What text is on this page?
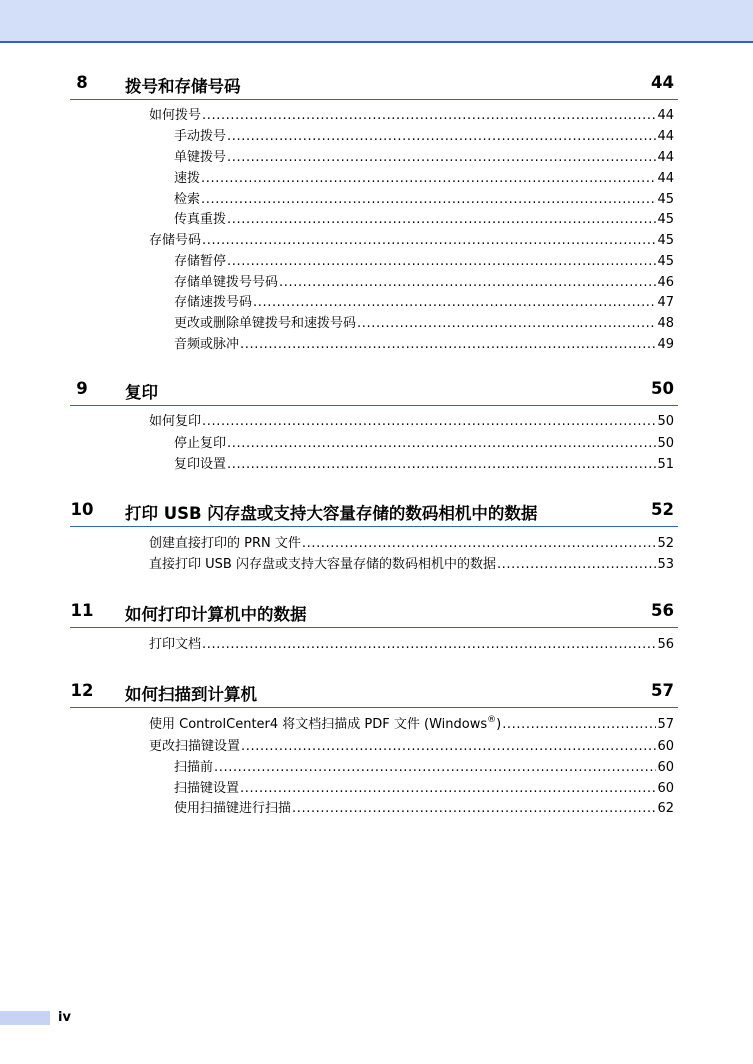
8	拨号和存储号码	44
如何拨号 .....	44
手动拨号 .....	44
单键拨号 .....	44
速拨 .....	44
检索 .....	45
传真重拨 .....	45
存储号码 .....	45
存储暂停 .....	45
存储单键拨号号码 .....	46
存储速拨号码 .....	47
更改或删除单键拨号和速拨号码 .....	48
音频或脉冲 .....	49
9	复印	50
如何复印 .....	50
停止复印 .....	50
复印设置 .....	51
10 打印 USB 闪存盘或支持大容量存储的数码相机中的数据	52
创建直接打印的 PRN 文件 .....	52
直接打印 USB 闪存盘或支持大容量存储的数码相机中的数据 .....	53
11 如何打印计算机中的数据	56
打印文档 .....	56
12 如何扫描到计算机	57
使用 ControlCenter4 将文档扫描成 PDF 文件 (Windows®) .....	57
更改扫描键设置 .....	60
扫描前 .....	60
扫描键设置 .....	60
使用扫描键进行扫描 .....	62
iv
